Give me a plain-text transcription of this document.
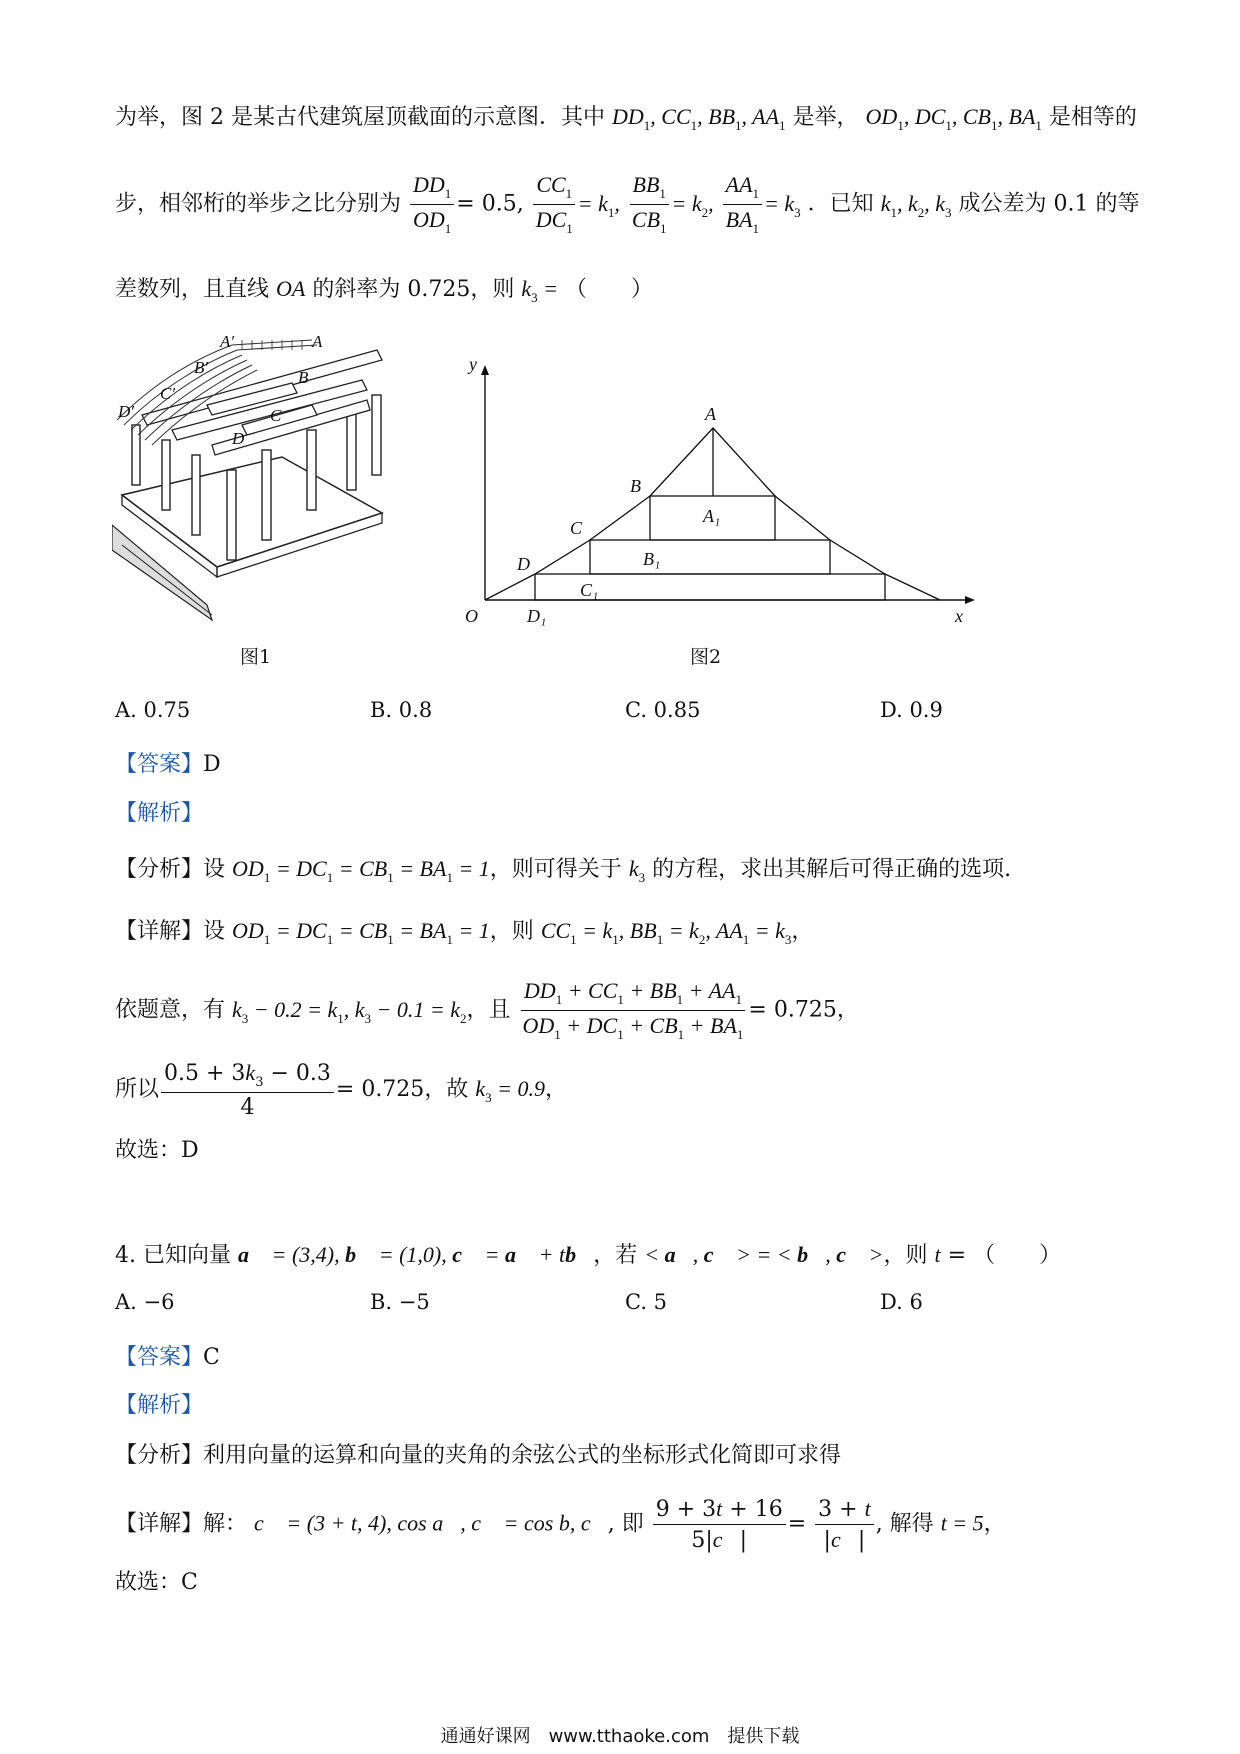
为举，图 2 是某古代建筑屋顶截面的示意图．其中 $DD_1$, $CC_1$, $BB_1$, $AA_1$ 是举， $OD_1$, $DC_1$, $CB_1$, $BA_1$ 是相等的
步，相邻桁的举步之比分别为 $\frac{DD_1}{OD_1} = 0.5$, $\frac{CC_1}{DC_1} = k_1$, $\frac{BB_1}{CB_1} = k_2$, $\frac{AA_1}{BA_1} = k_3$ ．已知 $k_1$, $k_2$, $k_3$ 成公差为 0.1 的等
差数列，且直线 OA 的斜率为 0.725，则 $k_3$ = （　　）
A′
B′
C′
D′
A
B
C
D
图1
y
x
O
A
B
C
D
A₁
B₁
C₁
D₁
图2
A. 0.75	B. 0.8	C. 0.85	D. 0.9
【答案】D
【解析】
【分析】设 $OD_1 = DC_1 = CB_1 = BA_1 = 1$，则可得关于 $k_3$ 的方程，求出其解后可得正确的选项.
【详解】设 $OD_1 = DC_1 = CB_1 = BA_1 = 1$，则 $CC_1 = k_1$, $BB_1 = k_2$, $AA_1 = k_3$，
依题意，有 $k_3 - 0.2 = k_1$, $k_3 - 0.1 = k_2$，且 $\frac{DD_1 + CC_1 + BB_1 + AA_1}{OD_1 + DC_1 + CB_1 + BA_1} = 0.725$，
所以 $\frac{0.5 + 3k_3 - 0.3}{4} = 0.725$，故 $k_3 = 0.9$，
故选：D
4. 已知向量 a⃗ = (3,4), b⃗ = (1,0), c⃗ = a⃗ + tb⃗，若 < a⃗, c⃗ > = < b⃗, c⃗ >，则 t = （　　）
A. −6	B. −5	C. 5	D. 6
【答案】C
【解析】
【分析】利用向量的运算和向量的夹角的余弦公式的坐标形式化简即可求得
【详解】解： c⃗ = (3 + t, 4), cos a⃗, c⃗ = cos b, c⃗, 即 $\frac{9 + 3t + 16}{5|c⃗|} = \frac{3 + t}{|c⃗|}$ , 解得 t = 5，
故选：C
通通好课网　www.tthaoke.com　提供下载
